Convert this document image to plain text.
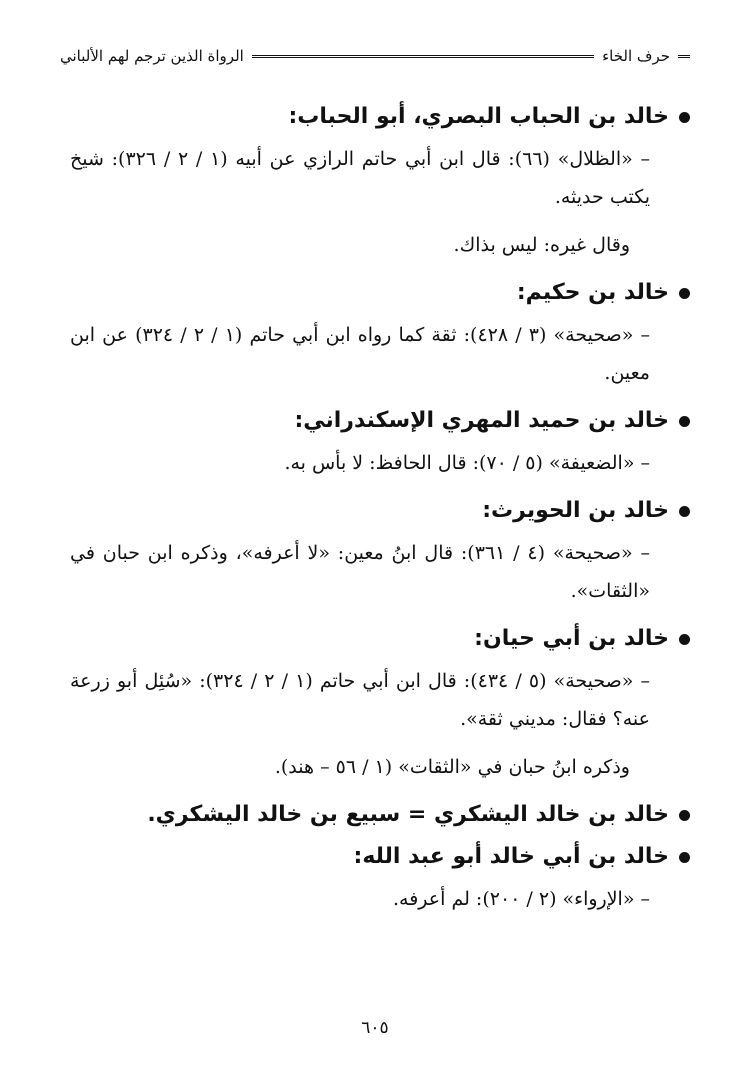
حرف الخاء
الرواة الذين ترجم لهم الألباني
خالد بن الحباب البصري، أبو الحباب:

– «الظلال» (٦٦): قال ابن أبي حاتم الرازي عن أبيه (١ / ٢ / ٣٢٦): شيخ يكتب حديثه.

وقال غيره: ليس بذاك.

خالد بن حكيم:

– «صحيحة» (٣ / ٤٢٨): ثقة كما رواه ابن أبي حاتم (١ / ٢ / ٣٢٤) عن ابن معين.

خالد بن حميد المهري الإسكندراني:

– «الضعيفة» (٥ / ٧٠): قال الحافظ: لا بأس به.

خالد بن الحويرث:

– «صحيحة» (٤ / ٣٦١): قال ابنُ معين: «لا أعرفه»، وذكره ابن حبان في «الثقات».

خالد بن أبي حيان:

– «صحيحة» (٥ / ٤٣٤): قال ابن أبي حاتم (١ / ٢ / ٣٢٤): «سُئِل أبو زرعة عنه؟ فقال: مديني ثقة».

وذكره ابنُ حبان في «الثقات» (١ / ٥٦ – هند).

خالد بن خالد اليشكري = سبيع بن خالد اليشكري.
خالد بن أبي خالد أبو عبد الله:

– «الإرواء» (٢ / ٢٠٠): لم أعرفه.

٦٠٥
